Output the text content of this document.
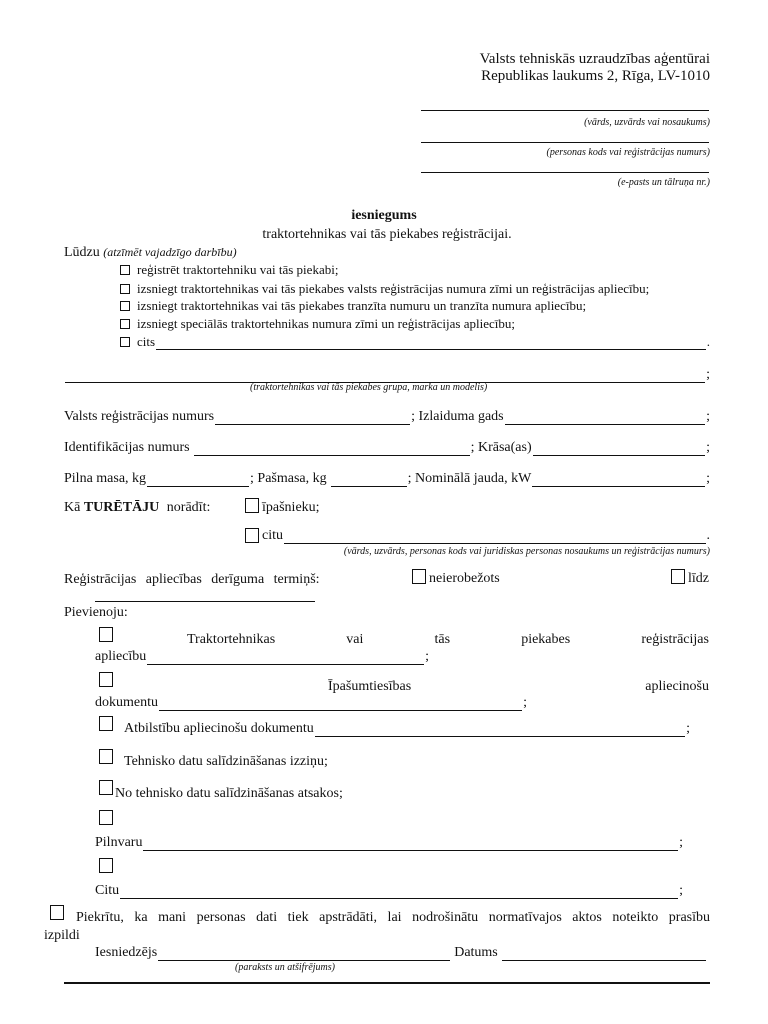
Valsts tehniskās uzraudzības aģentūrai
Republikas laukums 2, Rīga, LV-1010
(vārds, uzvārds vai nosaukums)
(personas kods vai reģistrācijas numurs)
(e-pasts un tālruņa nr.)
iesniegums
traktortehnikas vai tās piekabes reģistrācijai.
Lūdzu (atzīmēt vajadzīgo darbību)
reģistrēt traktortehniku vai tās piekabi;
izsniegt traktortehnikas vai tās piekabes valsts reģistrācijas numura zīmi un reģistrācijas apliecību;
izsniegt traktortehnikas vai tās piekabes tranzīta numuru un tranzīta numura apliecību;
izsniegt speciālās traktortehnikas numura zīmi un reģistrācijas apliecību;
cits	.
;
(traktortehnikas vai tās piekabes grupa, marka un modelis)
Valsts reģistrācijas numurs	; Izlaiduma gads	;
Identifikācijas numurs	; Krāsa(as)	;
Pilna masa, kg	; Pašmasa, kg	; Nominālā jauda, kW	;
Kā TURĒTĀJU norādīt:	īpašnieku;
citu	.
(vārds, uzvārds, personas kods vai juridiskas personas nosaukums un reģistrācijas numurs)
Reģistrācijas apliecības derīguma termiņš:	neierobežots	līdz
Pievienoju:
Traktortehnikas	vai	tās	piekabes	reģistrācijas
apliecību	;
Īpašumtiesības	apliecinošu
dokumentu	;
Atbilstību apliecinošu dokumentu	;
Tehnisko datu salīdzināšanas izziņu;
No tehnisko datu salīdzināšanas atsakos;
Pilnvaru	;
Citu	;
Piekrītu, ka mani personas dati tiek apstrādāti, lai nodrošinātu normatīvajos aktos noteikto prasību
izpildi
Iesniedzējs	Datums
(paraksts un atšifrējums)
